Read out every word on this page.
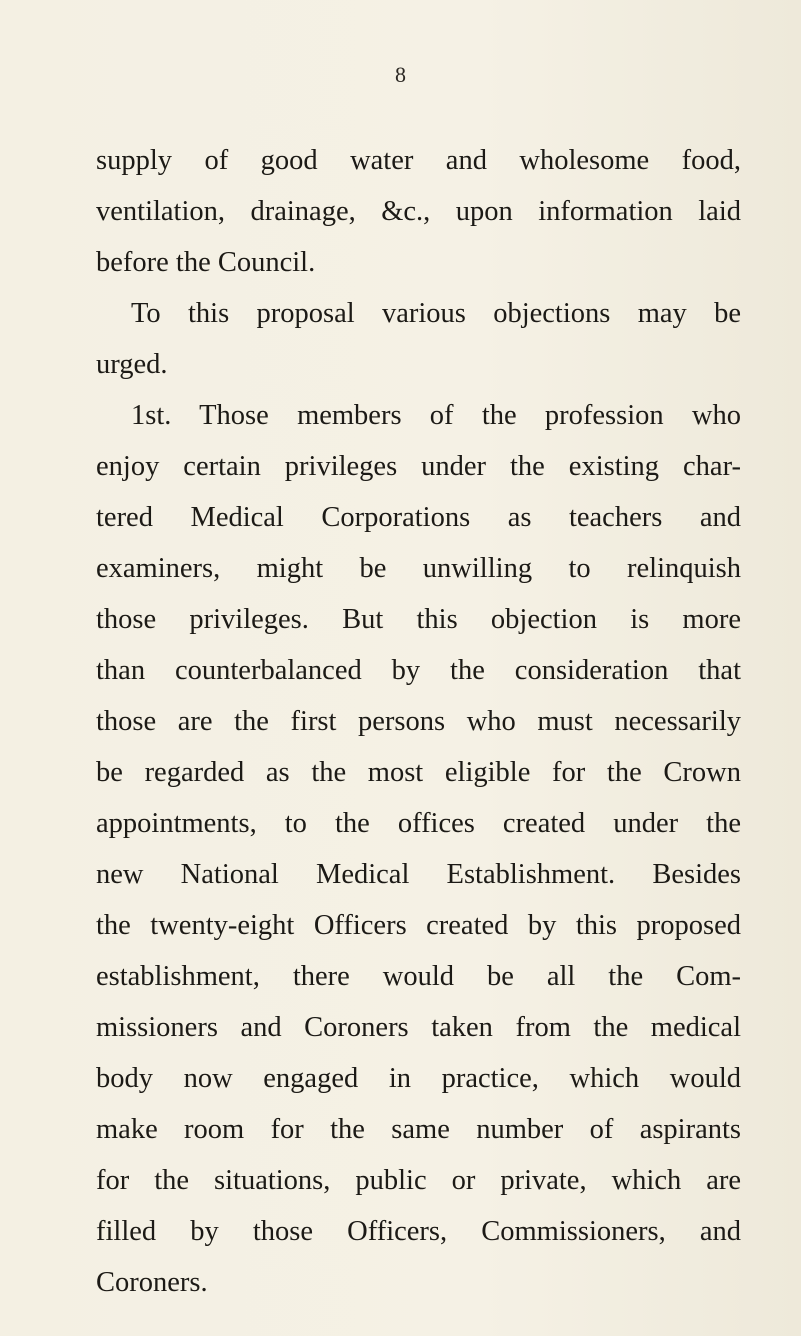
8
supply of good water and wholesome food,
ventilation, drainage, &c., upon information laid
before the Council.
To this proposal various objections may be
urged.
1st. Those members of the profession who
enjoy certain privileges under the existing char-
tered Medical Corporations as teachers and
examiners, might be unwilling to relinquish
those privileges. But this objection is more
than counterbalanced by the consideration that
those are the first persons who must necessarily
be regarded as the most eligible for the Crown
appointments, to the offices created under the
new National Medical Establishment. Besides
the twenty-eight Officers created by this proposed
establishment, there would be all the Com-
missioners and Coroners taken from the medical
body now engaged in practice, which would
make room for the same number of aspirants
for the situations, public or private, which are
filled by those Officers, Commissioners, and
Coroners.
